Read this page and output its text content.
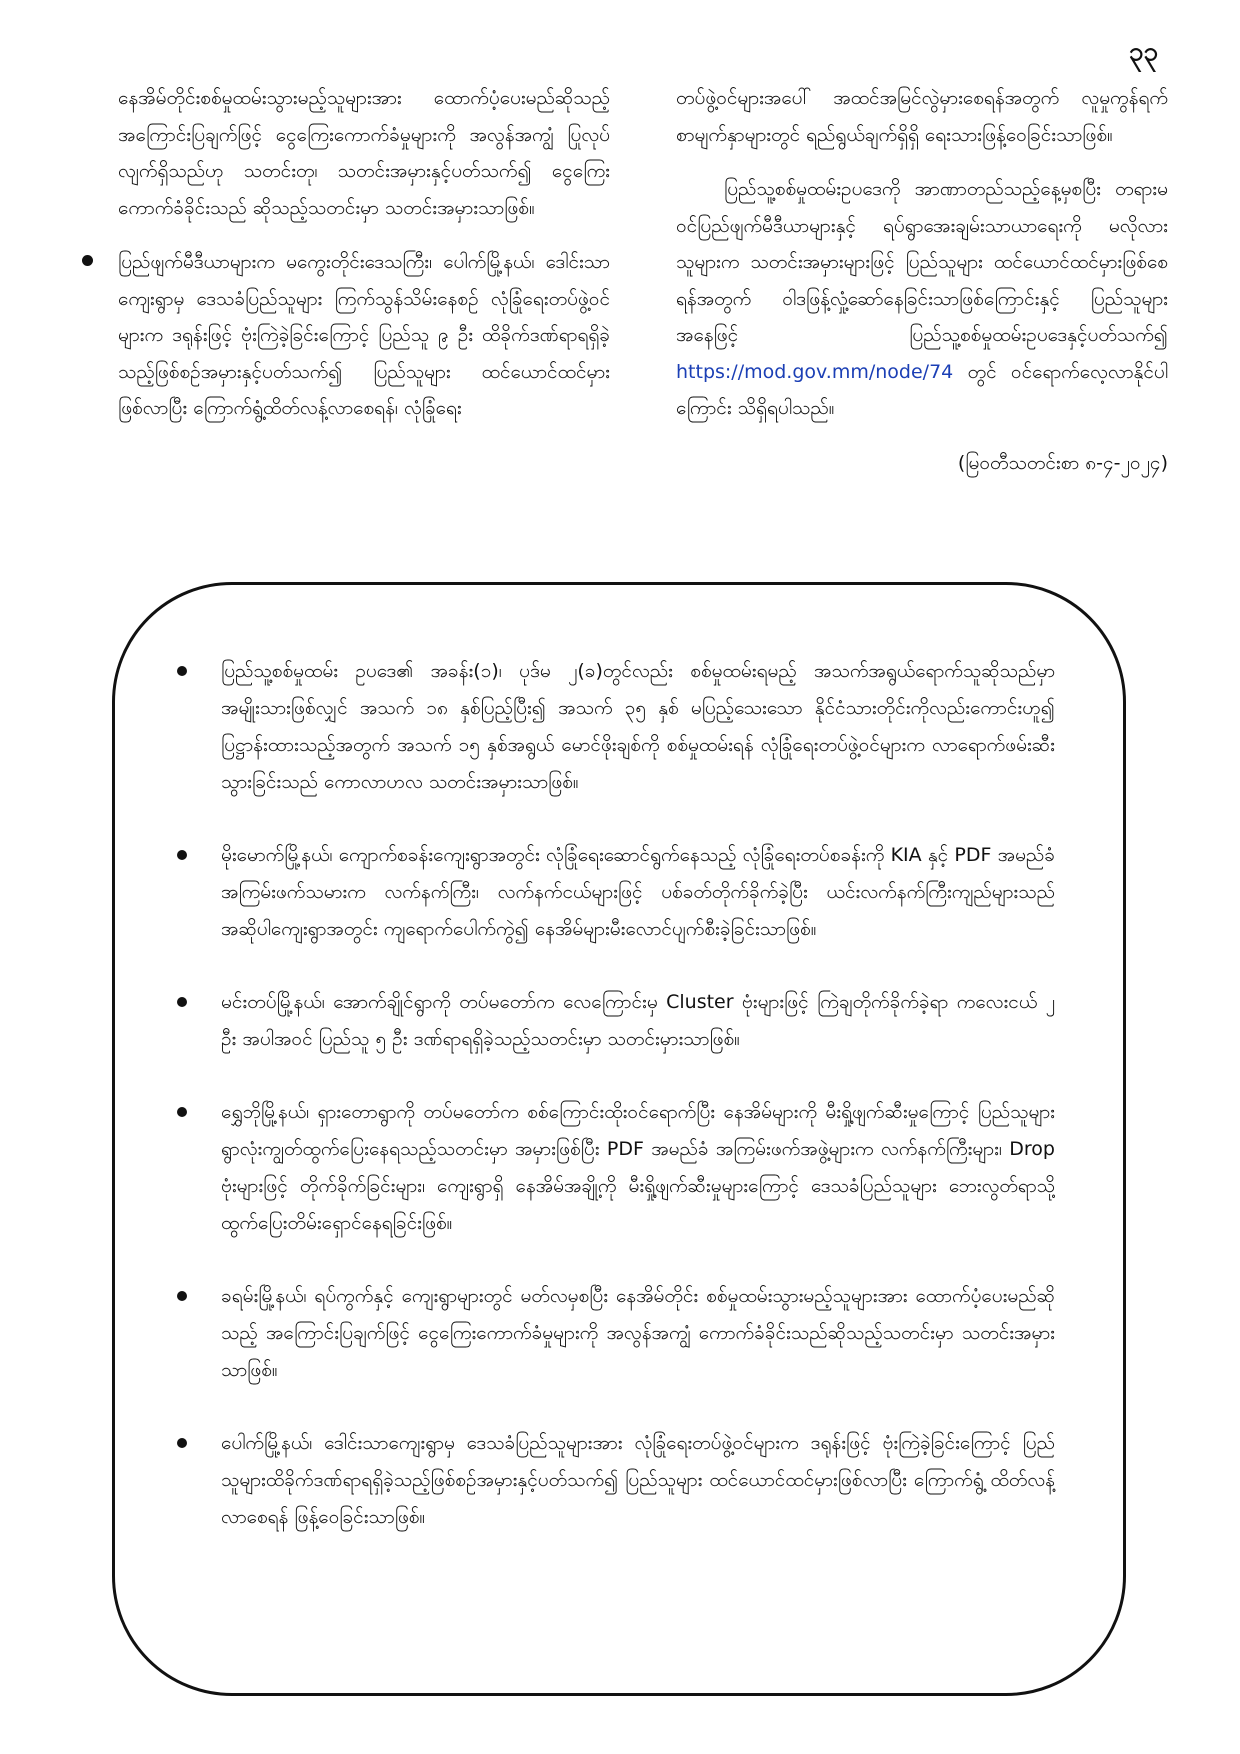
၃၃

နေအိမ်တိုင်းစစ်မှုထမ်းသွားမည့်သူများအား ထောက်ပံ့ပေးမည်ဆိုသည့် အကြောင်းပြချက်ဖြင့် ငွေကြေးကောက်ခံမှုများကို အလွန်အကျွံ ပြုလုပ်လျက်ရှိသည်ဟု သတင်းတု၊ သတင်းအမှားနှင့်ပတ်သက်၍ ငွေကြေးကောက်ခံခိုင်းသည် ဆိုသည့်သတင်းမှာ သတင်းအမှားသာဖြစ်။

ပြည်ဖျက်မီဒီယာများက မကွေးတိုင်းဒေသကြီး၊ ပေါက်မြို့နယ်၊ ဒေါင်းသာကျေးရွာမှ ဒေသခံပြည်သူများ ကြက်သွန်သိမ်းနေစဉ် လုံခြုံရေးတပ်ဖွဲ့ဝင်များက ဒရုန်းဖြင့် ဗုံးကြဲခဲ့ခြင်းကြောင့် ပြည်သူ ၉ ဦး ထိခိုက်ဒဏ်ရာရရှိခဲ့သည့်ဖြစ်စဉ်အမှားနှင့်ပတ်သက်၍ ပြည်သူများ ထင်ယောင်ထင်မှားဖြစ်လာပြီး ကြောက်ရွံ့ထိတ်လန့်လာစေရန်၊ လုံခြုံရေး

တပ်ဖွဲ့ဝင်များအပေါ် အထင်အမြင်လွဲမှားစေရန်အတွက် လူမှုကွန်ရက်စာမျက်နှာများတွင် ရည်ရွယ်ချက်ရှိရှိ ရေးသားဖြန့်ဝေခြင်းသာဖြစ်။

ပြည်သူ့စစ်မှုထမ်းဥပဒေကို အာဏာတည်သည့်နေ့မှစပြီး တရားမဝင်ပြည်ဖျက်မီဒီယာများနှင့် ရပ်ရွာအေးချမ်းသာယာရေးကို မလိုလားသူများက သတင်းအမှားများဖြင့် ပြည်သူများ ထင်ယောင်ထင်မှားဖြစ်စေရန်အတွက် ဝါဒဖြန့်လှုံ့ဆော်နေခြင်းသာဖြစ်ကြောင်းနှင့် ပြည်သူများအနေဖြင့် ပြည်သူ့စစ်မှုထမ်းဥပဒေနှင့်ပတ်သက်၍ https://mod.gov.mm/node/74 တွင် ဝင်ရောက်လေ့လာနိုင်ပါကြောင်း သိရှိရပါသည်။

(မြဝတီသတင်းစာ ၈-၄-၂၀၂၄)

ပြည်သူ့စစ်မှုထမ်း ဥပဒေ၏ အခန်း(၁)၊ ပုဒ်မ ၂(ခ)တွင်လည်း စစ်မှုထမ်းရမည့် အသက်အရွယ်ရောက်သူဆိုသည်မှာ အမျိုးသားဖြစ်လျှင် အသက် ၁၈ နှစ်ပြည့်ပြီး၍ အသက် ၃၅ နှစ် မပြည့်သေးသော နိုင်ငံသားတိုင်းကိုလည်းကောင်းဟူ၍ ပြဋ္ဌာန်းထားသည့်အတွက် အသက် ၁၅ နှစ်အရွယ် မောင်ဖိုးချစ်ကို စစ်မှုထမ်းရန် လုံခြုံရေးတပ်ဖွဲ့ဝင်များက လာရောက်ဖမ်းဆီးသွားခြင်းသည် ကောလာဟလ သတင်းအမှားသာဖြစ်။
မိုးမောက်မြို့နယ်၊ ကျောက်စခန်းကျေးရွာအတွင်း လုံခြုံရေးဆောင်ရွက်နေသည့် လုံခြုံရေးတပ်စခန်းကို KIA နှင့် PDF အမည်ခံအကြမ်းဖက်သမားက လက်နက်ကြီး၊ လက်နက်ငယ်များဖြင့် ပစ်ခတ်တိုက်ခိုက်ခဲ့ပြီး ယင်းလက်နက်ကြီးကျည်များသည် အဆိုပါကျေးရွာအတွင်း ကျရောက်ပေါက်ကွဲ၍ နေအိမ်များမီးလောင်ပျက်စီးခဲ့ခြင်းသာဖြစ်။
မင်းတပ်မြို့နယ်၊ အောက်ချိုင်ရွာကို တပ်မတော်က လေကြောင်းမှ Cluster ဗုံးများဖြင့် ကြဲချတိုက်ခိုက်ခဲ့ရာ ကလေးငယ် ၂ ဦး အပါအဝင် ပြည်သူ ၅ ဦး ဒဏ်ရာရရှိခဲ့သည့်သတင်းမှာ သတင်းမှားသာဖြစ်။
ရွှေဘိုမြို့နယ်၊ ရှားတောရွာကို တပ်မတော်က စစ်ကြောင်းထိုးဝင်ရောက်ပြီး နေအိမ်များကို မီးရှို့ဖျက်ဆီးမှုကြောင့် ပြည်သူများရွာလုံးကျွတ်ထွက်ပြေးနေရသည့်သတင်းမှာ အမှားဖြစ်ပြီး PDF အမည်ခံ အကြမ်းဖက်အဖွဲ့များက လက်နက်ကြီးများ၊ Drop ဗုံးများဖြင့် တိုက်ခိုက်ခြင်းများ၊ ကျေးရွာရှိ နေအိမ်အချို့ကို မီးရှို့ဖျက်ဆီးမှုများကြောင့် ဒေသခံပြည်သူများ ဘေးလွတ်ရာသို့ ထွက်ပြေးတိမ်းရှောင်နေရခြင်းဖြစ်။
ခရမ်းမြို့နယ်၊ ရပ်ကွက်နှင့် ကျေးရွာများတွင် မတ်လမှစပြီး နေအိမ်တိုင်း စစ်မှုထမ်းသွားမည့်သူများအား ထောက်ပံ့ပေးမည်ဆိုသည့် အကြောင်းပြချက်ဖြင့် ငွေကြေးကောက်ခံမှုများကို အလွန်အကျွံ ကောက်ခံခိုင်းသည်ဆိုသည့်သတင်းမှာ သတင်းအမှားသာဖြစ်။
ပေါက်မြို့နယ်၊ ဒေါင်းသာကျေးရွာမှ ဒေသခံပြည်သူများအား လုံခြုံရေးတပ်ဖွဲ့ဝင်များက ဒရုန်းဖြင့် ဗုံးကြဲခဲ့ခြင်းကြောင့် ပြည်သူများထိခိုက်ဒဏ်ရာရရှိခဲ့သည့်ဖြစ်စဉ်အမှားနှင့်ပတ်သက်၍ ပြည်သူများ ထင်ယောင်ထင်မှားဖြစ်လာပြီး ကြောက်ရွံ့ ထိတ်လန့်လာစေရန် ဖြန့်ဝေခြင်းသာဖြစ်။
